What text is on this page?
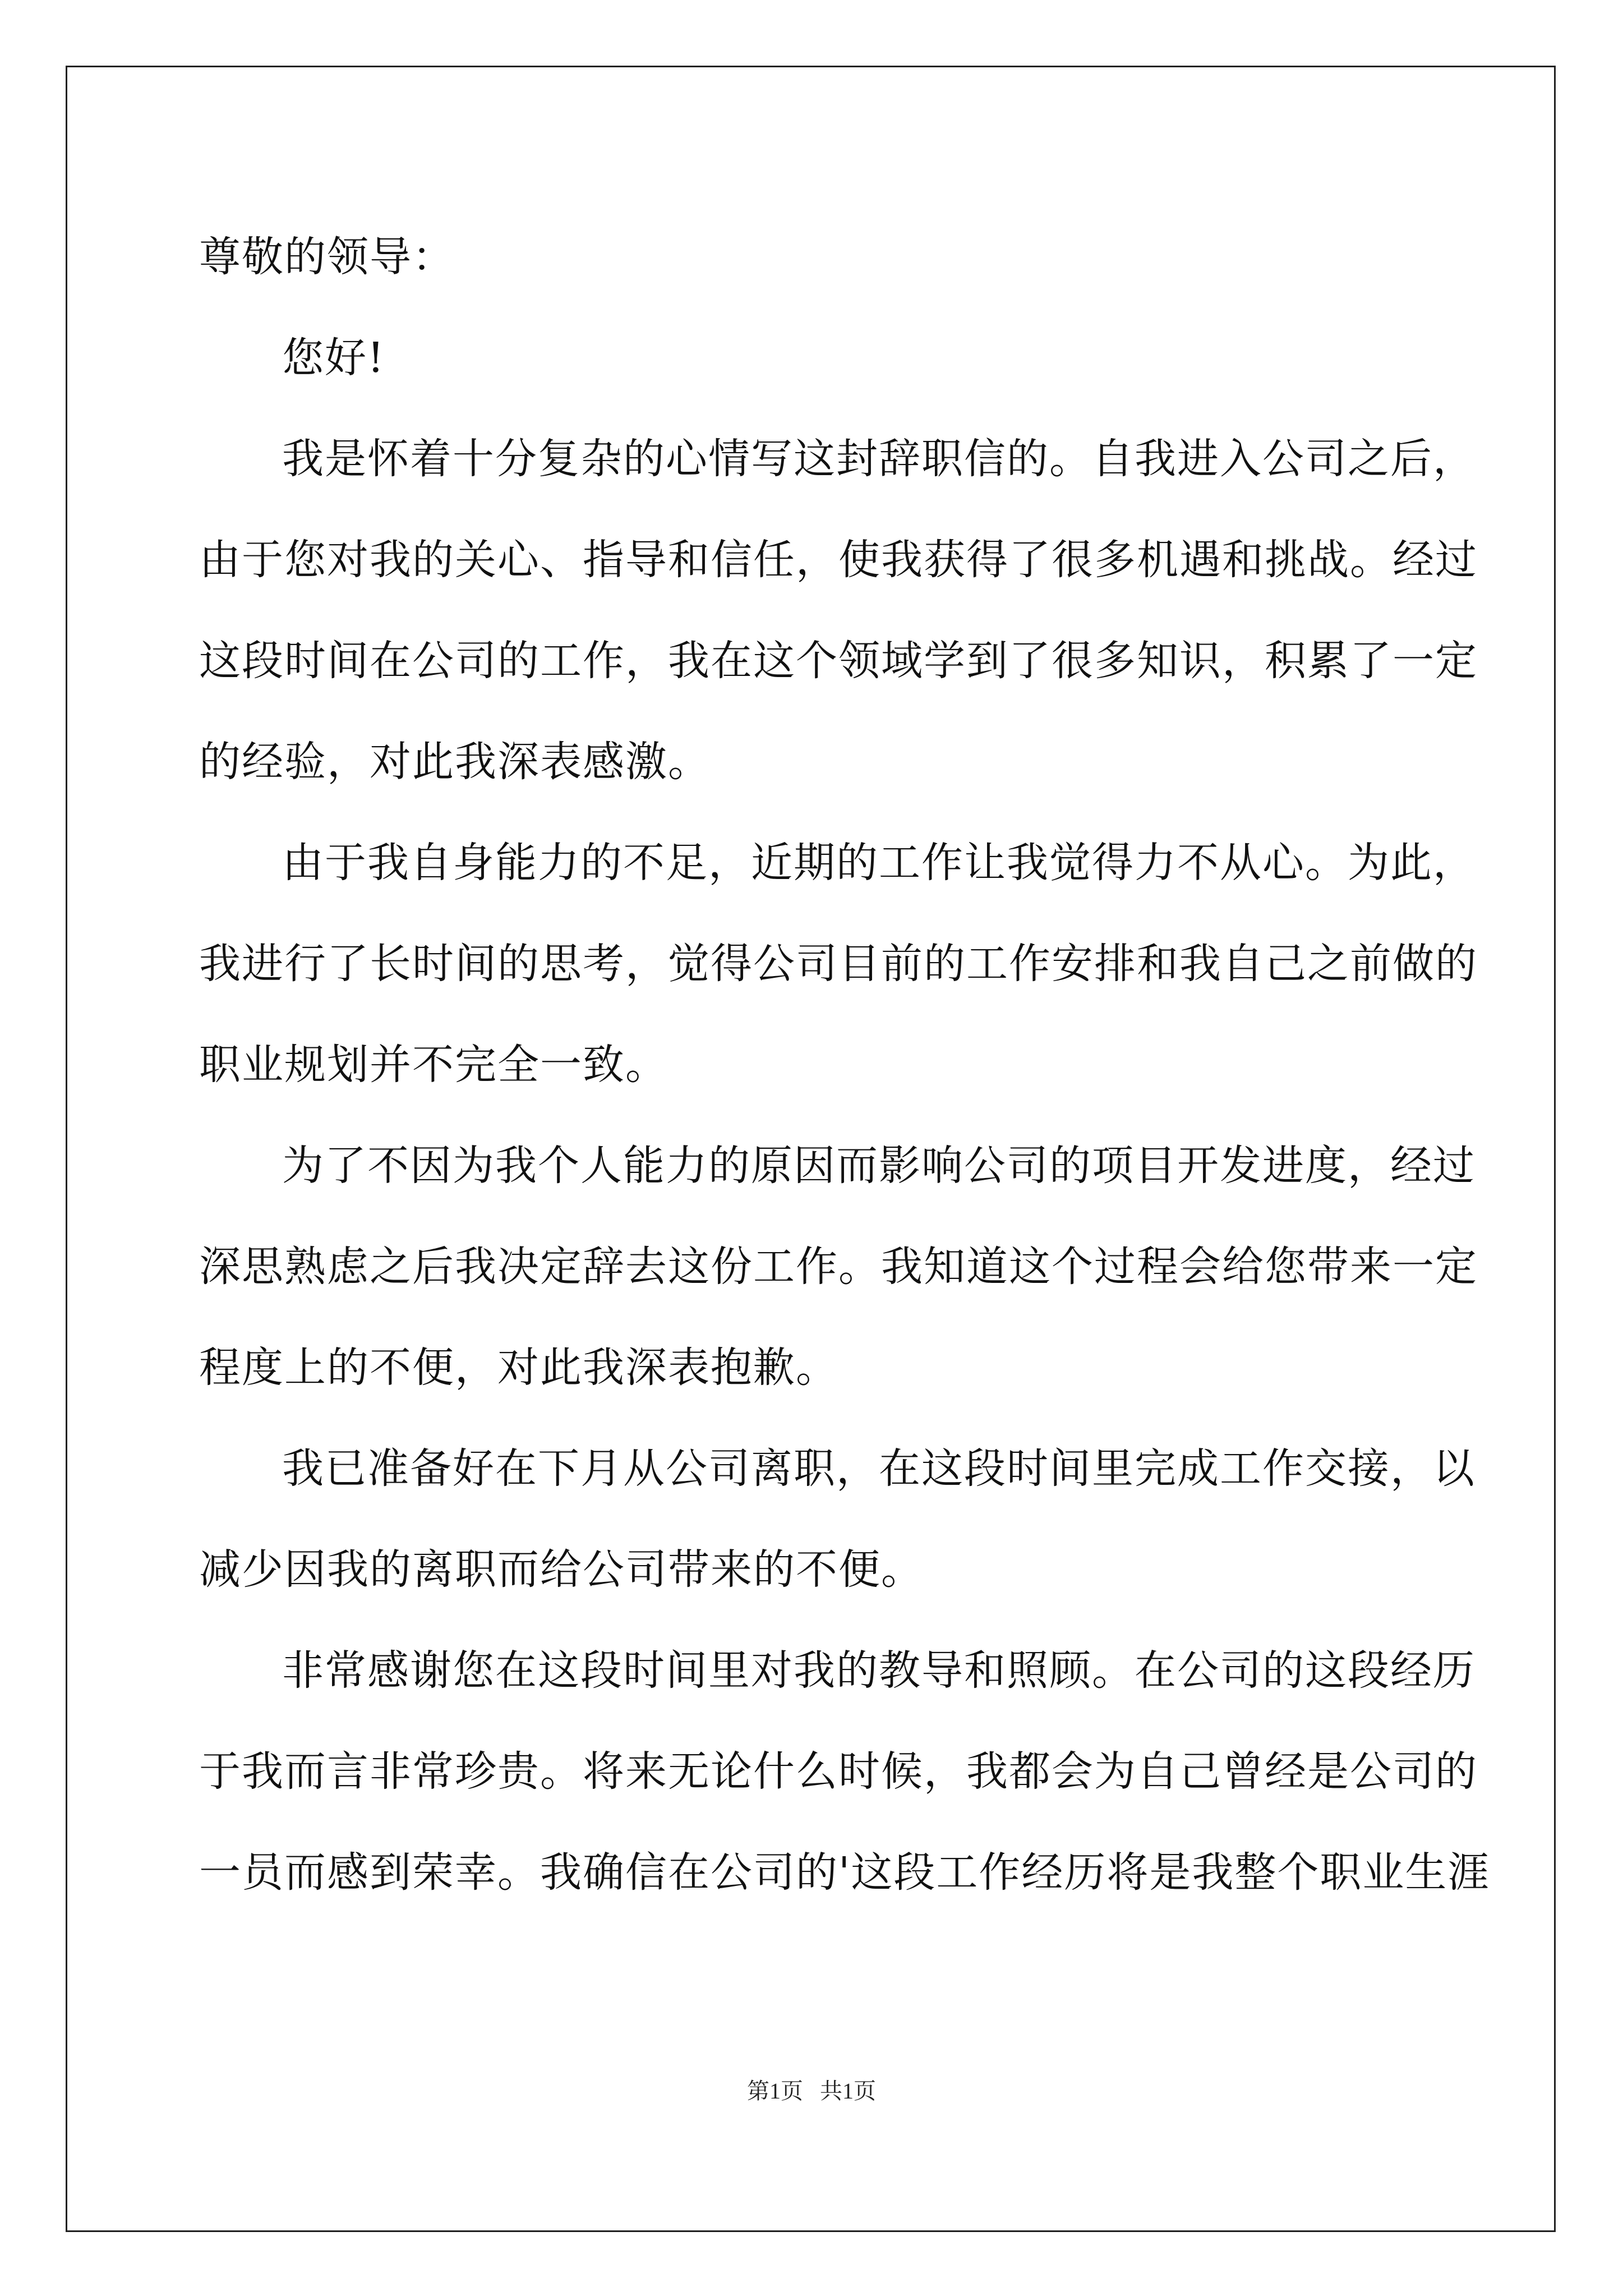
尊敬的领导：
您好!
我是怀着十分复杂的心情写这封辞职信的。自我进入公司之后，
由于您对我的关心、指导和信任，使我获得了很多机遇和挑战。经过
这段时间在公司的工作，我在这个领域学到了很多知识，积累了一定
的经验，对此我深表感激。
由于我自身能力的不足，近期的工作让我觉得力不从心。为此，
我进行了长时间的思考，觉得公司目前的工作安排和我自己之前做的
职业规划并不完全一致。
为了不因为我个人能力的原因而影响公司的项目开发进度，经过
深思熟虑之后我决定辞去这份工作。我知道这个过程会给您带来一定
程度上的不便，对此我深表抱歉。
我已准备好在下月从公司离职，在这段时间里完成工作交接，以
减少因我的离职而给公司带来的不便。
非常感谢您在这段时间里对我的教导和照顾。在公司的这段经历
于我而言非常珍贵。将来无论什么时候，我都会为自己曾经是公司的
一员而感到荣幸。我确信在公司的'这段工作经历将是我整个职业生涯
第1页   共1页
